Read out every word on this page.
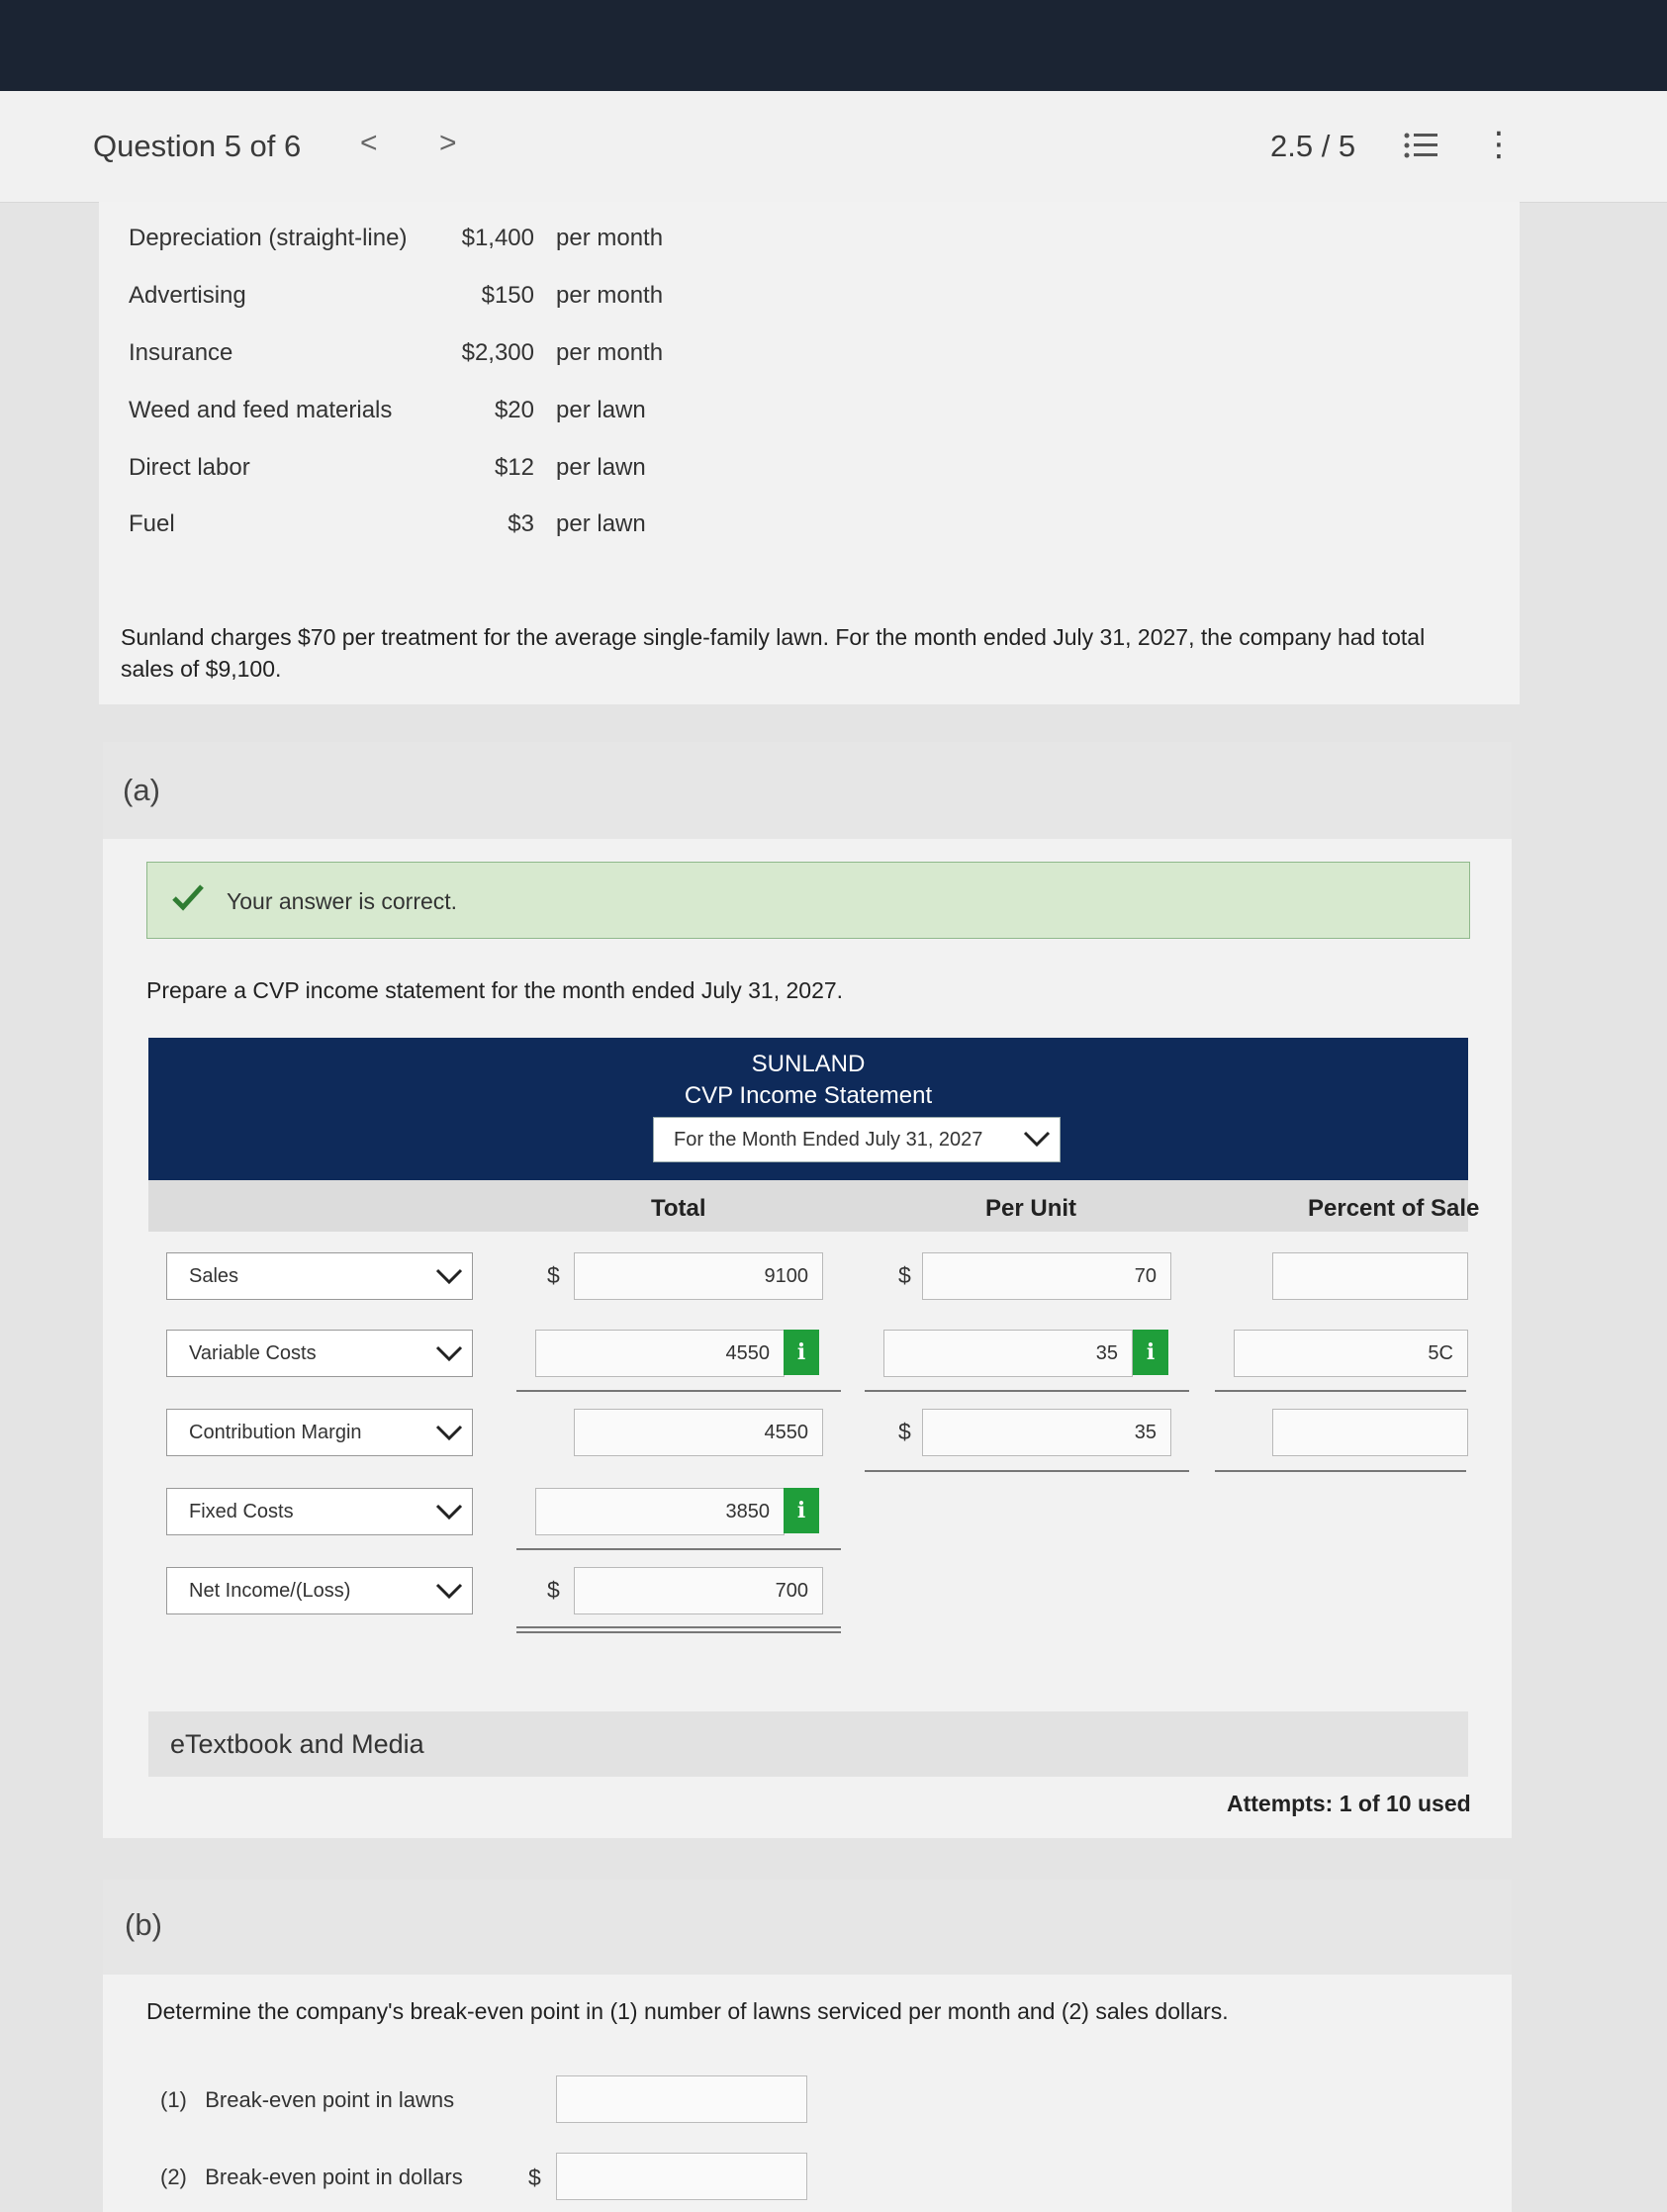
Question 5 of 6 < >	2.5 / 5	⋮
Depreciation (straight-line) $1,400 per month
Advertising	$150 per month
Insurance	$2,300 per month
Weed and feed materials	$20 per lawn
Direct labor	$12 per lawn
Fuel	$3 per lawn
Sunland charges $70 per treatment for the average single-family lawn. For the month ended July 31, 2027, the company had total sales of $9,100.
(a)
Your answer is correct.
Prepare a CVP income statement for the month ended July 31, 2027.
SUNLAND
CVP Income Statement
For the Month Ended July 31, 2027
Total	Per Unit	Percent of Sale
Sales	$	9100	$	70
Variable Costs	4550	i	35	i	5C
Contribution Margin	4550	$	35
Fixed Costs	3850	i
Net Income/(Loss)	$	700
eTextbook and Media
Attempts: 1 of 10 used
(b)
Determine the company's break-even point in (1) number of lawns serviced per month and (2) sales dollars.
(1) Break-even point in lawns
(2) Break-even point in dollars	$
